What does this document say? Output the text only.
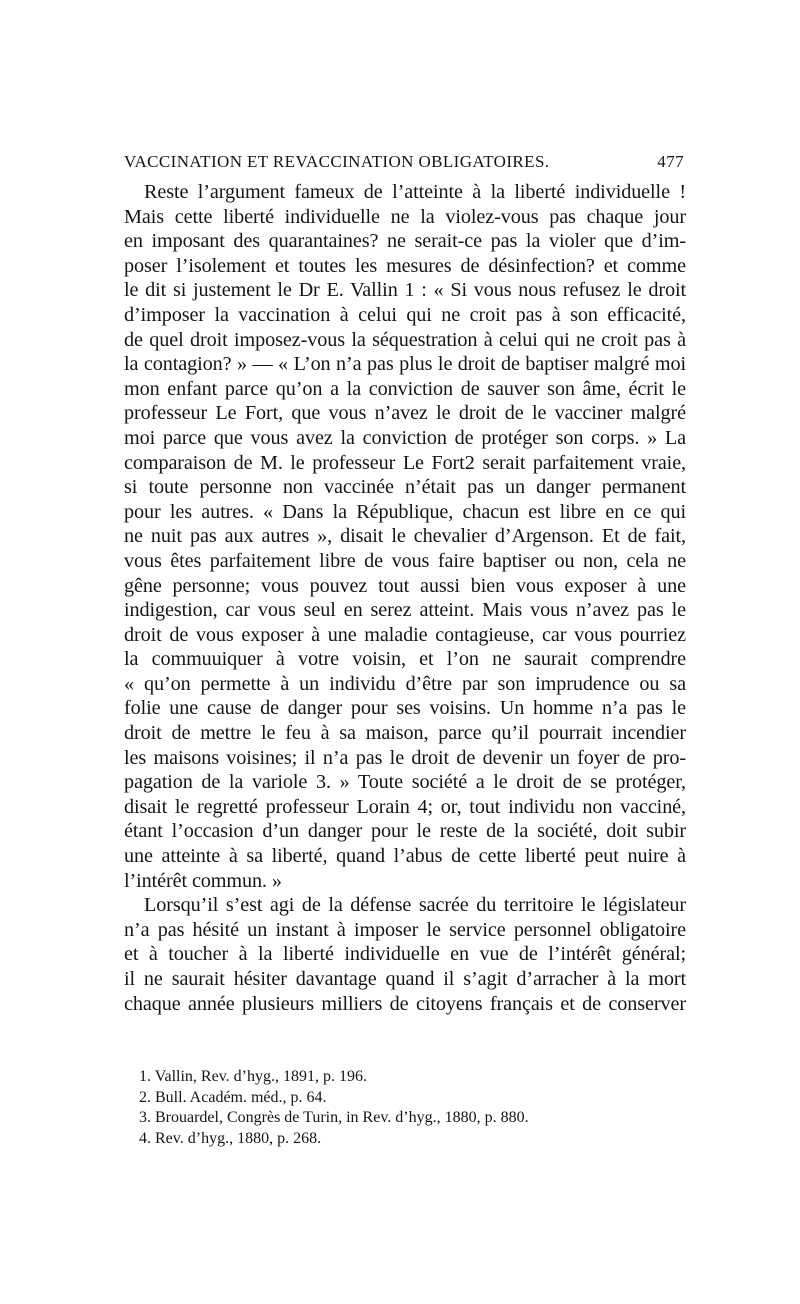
VACCINATION ET REVACCINATION OBLIGATOIRES.	477
Reste l’argument fameux de l’atteinte à la liberté individuelle !
Mais cette liberté individuelle ne la violez-vous pas chaque jour
en imposant des quarantaines? ne serait-ce pas la violer que d’im-
poser l’isolement et toutes les mesures de désinfection? et comme
le dit si justement le Dr E. Vallin 1 : « Si vous nous refusez le droit
d’imposer la vaccination à celui qui ne croit pas à son efficacité,
de quel droit imposez-vous la séquestration à celui qui ne croit pas à
la contagion? » — « L’on n’a pas plus le droit de baptiser malgré moi
mon enfant parce qu’on a la conviction de sauver son âme, écrit le
professeur Le Fort, que vous n’avez le droit de le vacciner malgré
moi parce que vous avez la conviction de protéger son corps. » La
comparaison de M. le professeur Le Fort2 serait parfaitement vraie,
si toute personne non vaccinée n’était pas un danger permanent
pour les autres. « Dans la République, chacun est libre en ce qui
ne nuit pas aux autres », disait le chevalier d’Argenson. Et de fait,
vous êtes parfaitement libre de vous faire baptiser ou non, cela ne
gêne personne; vous pouvez tout aussi bien vous exposer à une
indigestion, car vous seul en serez atteint. Mais vous n’avez pas le
droit de vous exposer à une maladie contagieuse, car vous pourriez
la commuuiquer à votre voisin, et l’on ne saurait comprendre
« qu’on permette à un individu d’être par son imprudence ou sa
folie une cause de danger pour ses voisins. Un homme n’a pas le
droit de mettre le feu à sa maison, parce qu’il pourrait incendier
les maisons voisines; il n’a pas le droit de devenir un foyer de pro-
pagation de la variole 3. » Toute société a le droit de se protéger,
disait le regretté professeur Lorain 4; or, tout individu non vacciné,
étant l’occasion d’un danger pour le reste de la société, doit subir
une atteinte à sa liberté, quand l’abus de cette liberté peut nuire à
l’intérêt commun. »
Lorsqu’il s’est agi de la défense sacrée du territoire le législateur
n’a pas hésité un instant à imposer le service personnel obligatoire
et à toucher à la liberté individuelle en vue de l’intérêt général;
il ne saurait hésiter davantage quand il s’agit d’arracher à la mort
chaque année plusieurs milliers de citoyens français et de conserver
1. Vallin, Rev. d’hyg., 1891, p. 196.
2. Bull. Académ. méd., p. 64.
3. Brouardel, Congrès de Turin, in Rev. d’hyg., 1880, p. 880.
4. Rev. d’hyg., 1880, p. 268.
